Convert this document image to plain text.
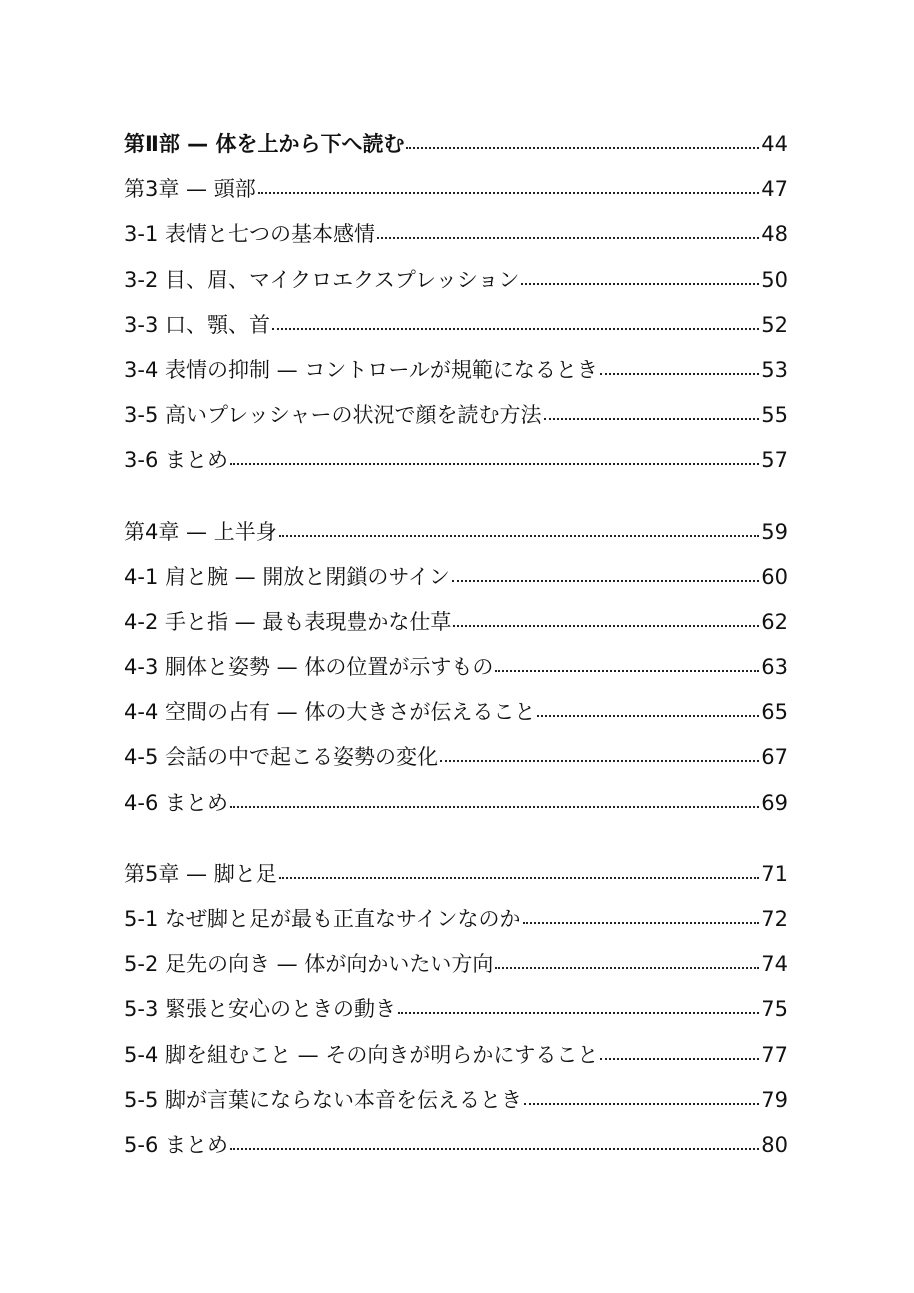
第Ⅱ部 — 体を上から下へ読む	44
第3章 — 頭部	47
3-1 表情と七つの基本感情	48
3-2 目、眉、マイクロエクスプレッション	50
3-3 口、顎、首	52
3-4 表情の抑制 — コントロールが規範になるとき	53
3-5 高いプレッシャーの状況で顔を読む方法	55
3-6 まとめ	57
第4章 — 上半身	59
4-1 肩と腕 — 開放と閉鎖のサイン	60
4-2 手と指 — 最も表現豊かな仕草	62
4-3 胴体と姿勢 — 体の位置が示すもの	63
4-4 空間の占有 — 体の大きさが伝えること	65
4-5 会話の中で起こる姿勢の変化	67
4-6 まとめ	69
第5章 — 脚と足	71
5-1 なぜ脚と足が最も正直なサインなのか	72
5-2 足先の向き — 体が向かいたい方向	74
5-3 緊張と安心のときの動き	75
5-4 脚を組むこと — その向きが明らかにすること	77
5-5 脚が言葉にならない本音を伝えるとき	79
5-6 まとめ	80
